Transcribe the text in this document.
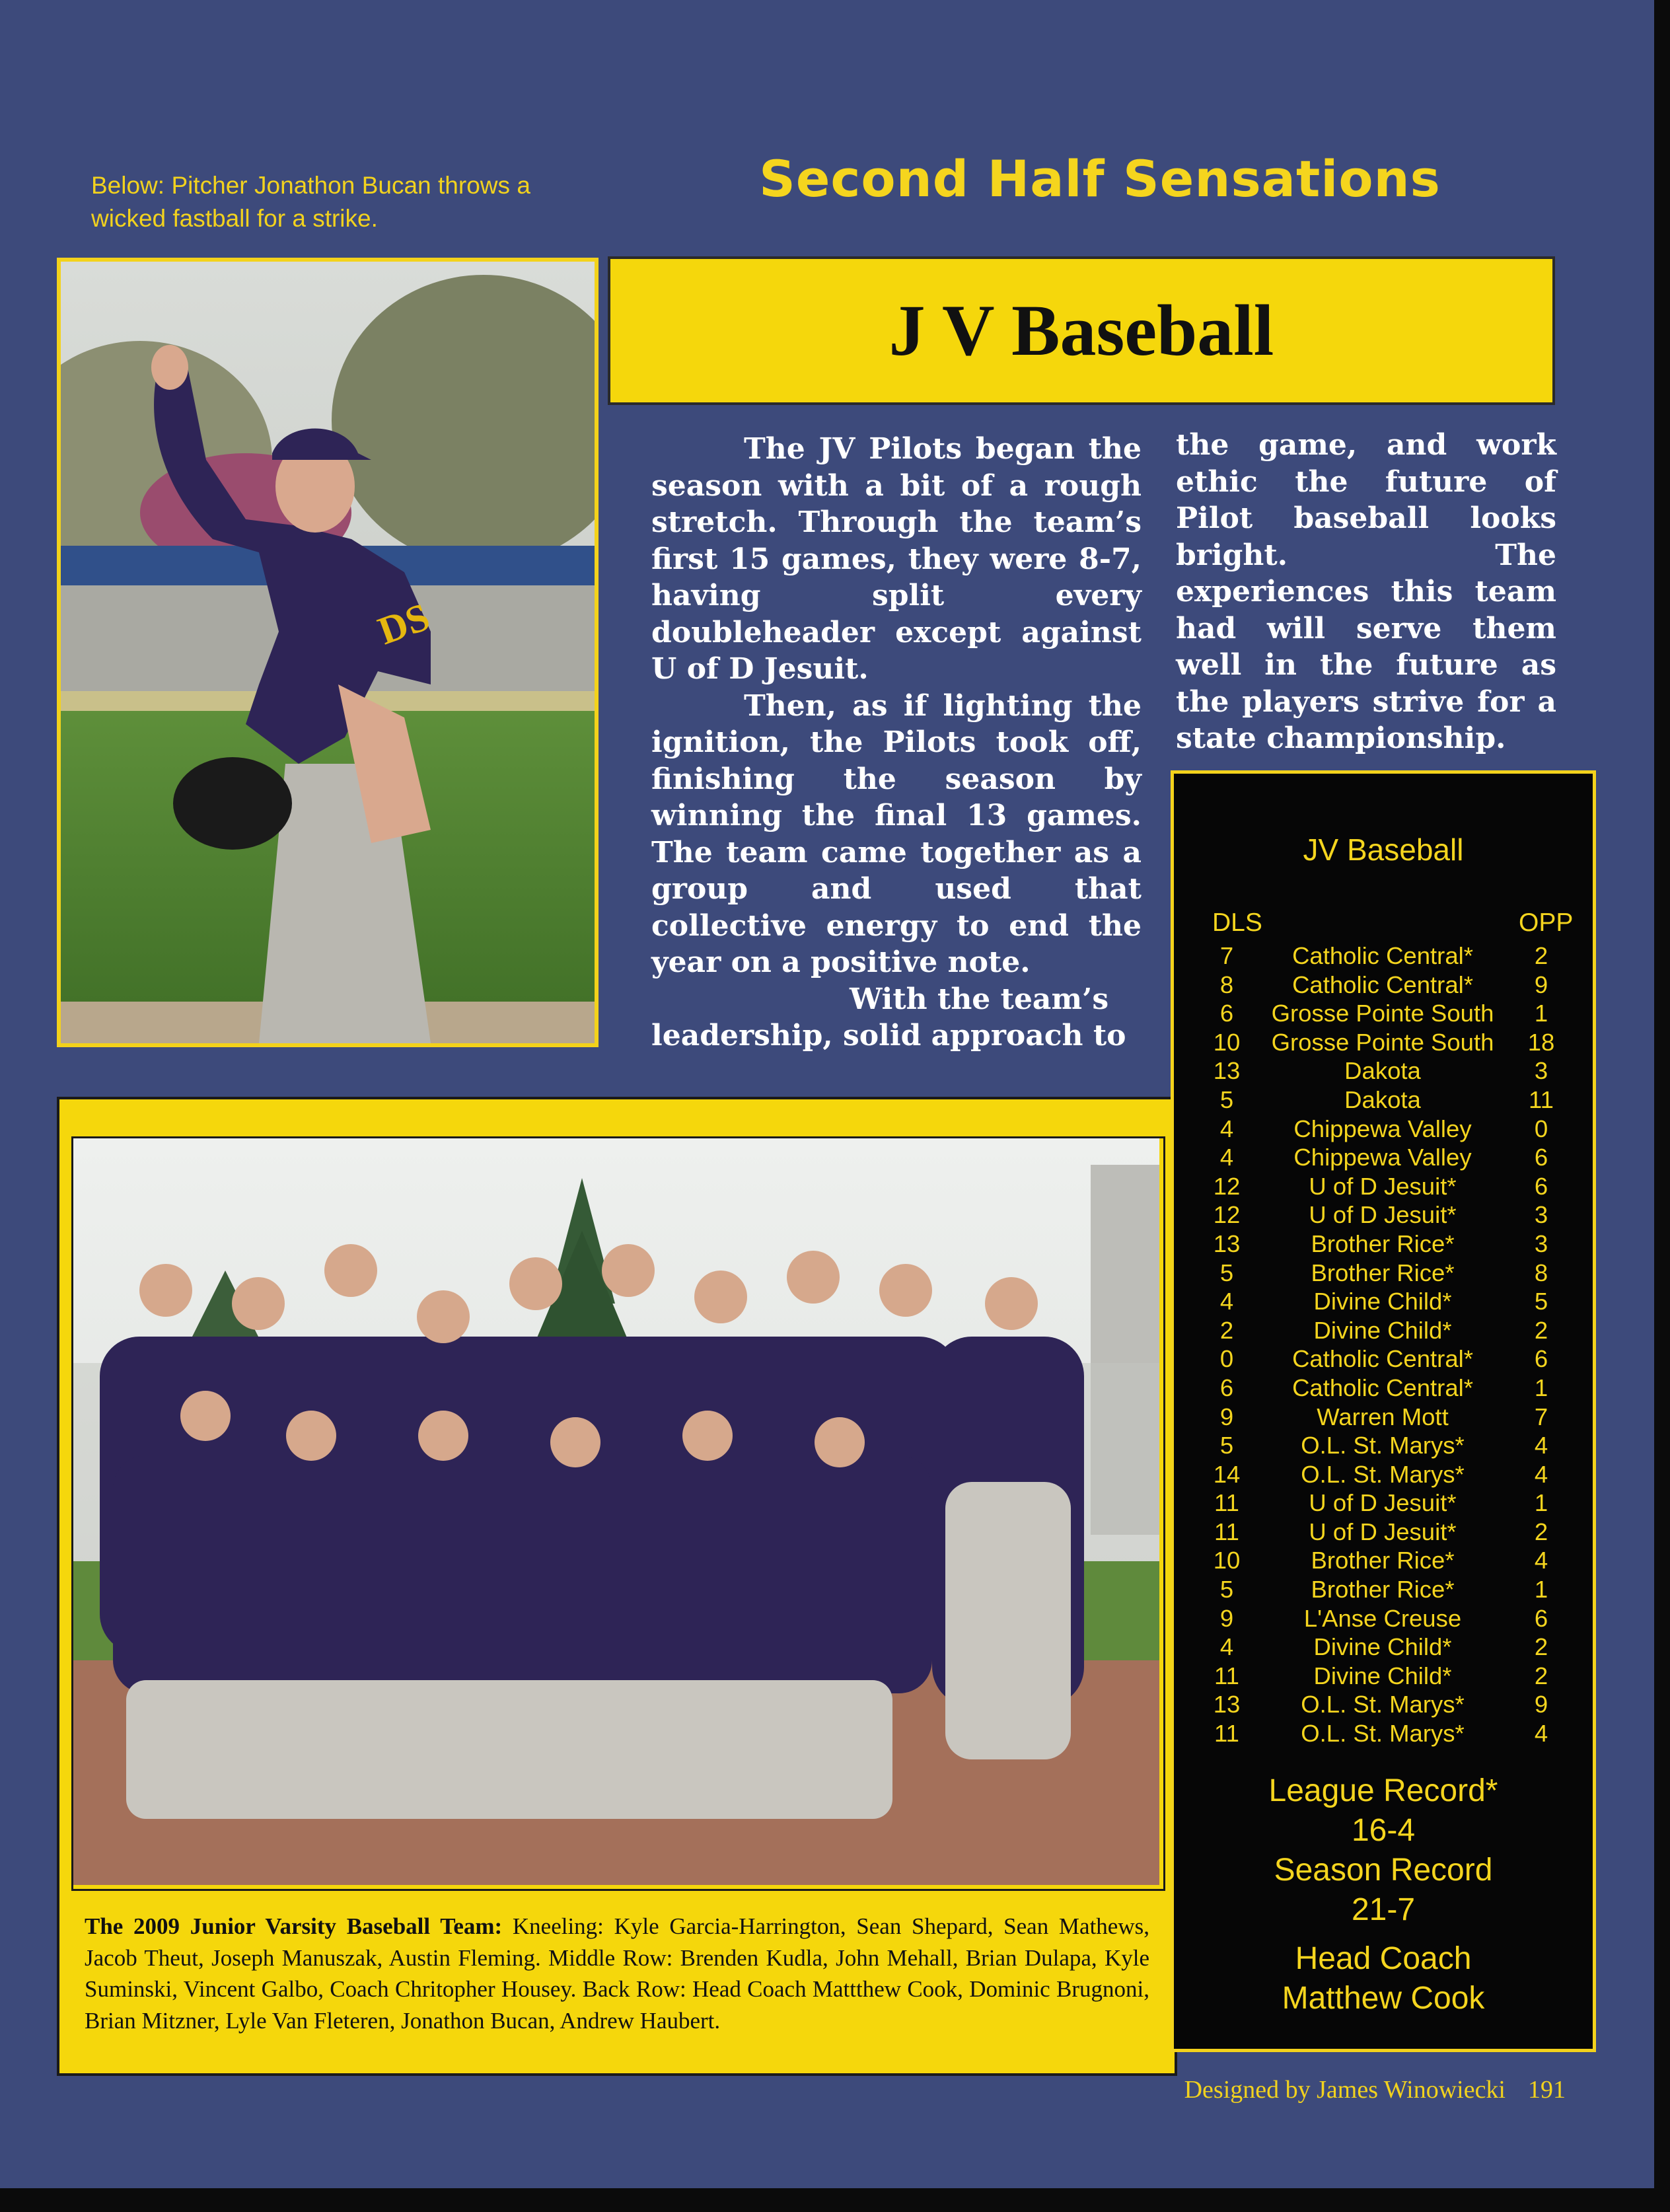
Below: Pitcher Jonathon Bucan throws a wicked fastball for a strike.
Second Half Sensations
DS
J V Baseball

The JV Pilots began the season with a bit of a rough stretch. Through the team’s first 15 games, they were 8-7, having split every doubleheader except against U of D Jesuit.

Then, as if lighting the ignition, the Pilots took off, finishing the season by winning the final 13 games. The team came together as a group and used that collective energy to end the year on a positive note.

With the team’s leadership, solid approach to

the game, and work ethic the future of Pilot baseball looks bright. The experiences this team had will serve them well in the future as the players strive for a state championship.

The 2009 Junior Varsity Baseball Team: Kneeling: Kyle Garcia-Harrington, Sean Shepard, Sean Mathews, Jacob Theut, Joseph Manuszak, Austin Fleming. Middle Row: Brenden Kudla, John Mehall, Brian Dulapa, Kyle Suminski, Vincent Galbo, Coach Chritopher Housey. Back Row: Head Coach Mattthew Cook, Dominic Brugnoni, Brian Mitzner, Lyle Van Fleteren, Jonathon Bucan, Andrew Haubert.
JV Baseball
DLS	OPP
7	Catholic Central*	2
8	Catholic Central*	9
6	Grosse Pointe South	1
10	Grosse Pointe South	18
13	Dakota	3
5	Dakota	11
4	Chippewa Valley	0
4	Chippewa Valley	6
12	U of D Jesuit*	6
12	U of D Jesuit*	3
13	Brother Rice*	3
5	Brother Rice*	8
4	Divine Child*	5
2	Divine Child*	2
0	Catholic Central*	6
6	Catholic Central*	1
9	Warren Mott	7
5	O.L. St. Marys*	4
14	O.L. St. Marys*	4
11	U of D Jesuit*	1
11	U of D Jesuit*	2
10	Brother Rice*	4
5	Brother Rice*	1
9	L'Anse Creuse	6
4	Divine Child*	2
11	Divine Child*	2
13	O.L. St. Marys*	9
11	O.L. St. Marys*	4
League Record*
16-4
Season Record
21-7
Head Coach
Matthew Cook
Designed by James Winowiecki 191
